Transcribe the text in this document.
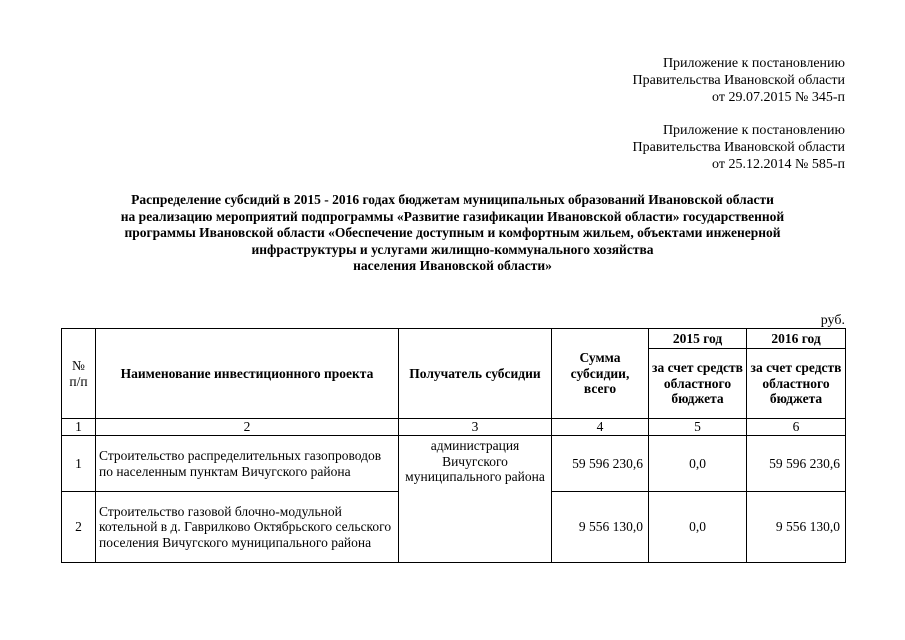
Приложение к постановлению
Правительства Ивановской области
от 29.07.2015 № 345-п
Приложение к постановлению
Правительства Ивановской области
от 25.12.2014 № 585-п
Распределение субсидий в 2015 - 2016 годах бюджетам муниципальных образований Ивановской области
на реализацию мероприятий подпрограммы «Развитие газификации Ивановской области» государственной
программы Ивановской области «Обеспечение доступным и комфортным жильем, объектами инженерной
инфраструктуры и услугами жилищно-коммунального хозяйства
населения Ивановской области»
руб.
№ п/п	Наименование инвестиционного проекта	Получатель субсидии	Сумма субсидии, всего	2015 год	2016 год
				за счет средств областного бюджета	за счет средств областного бюджета
1	2	3	4	5	6
1	Строительство распределительных газопроводов по населенным пунктам Вичугского района	администрация Вичугского муниципального района	59 596 230,6	0,0	59 596 230,6
2	Строительство газовой блочно-модульной котельной в д. Гаврилково Октябрьского сельского поселения Вичугского муниципального района		9 556 130,0	0,0	9 556 130,0
